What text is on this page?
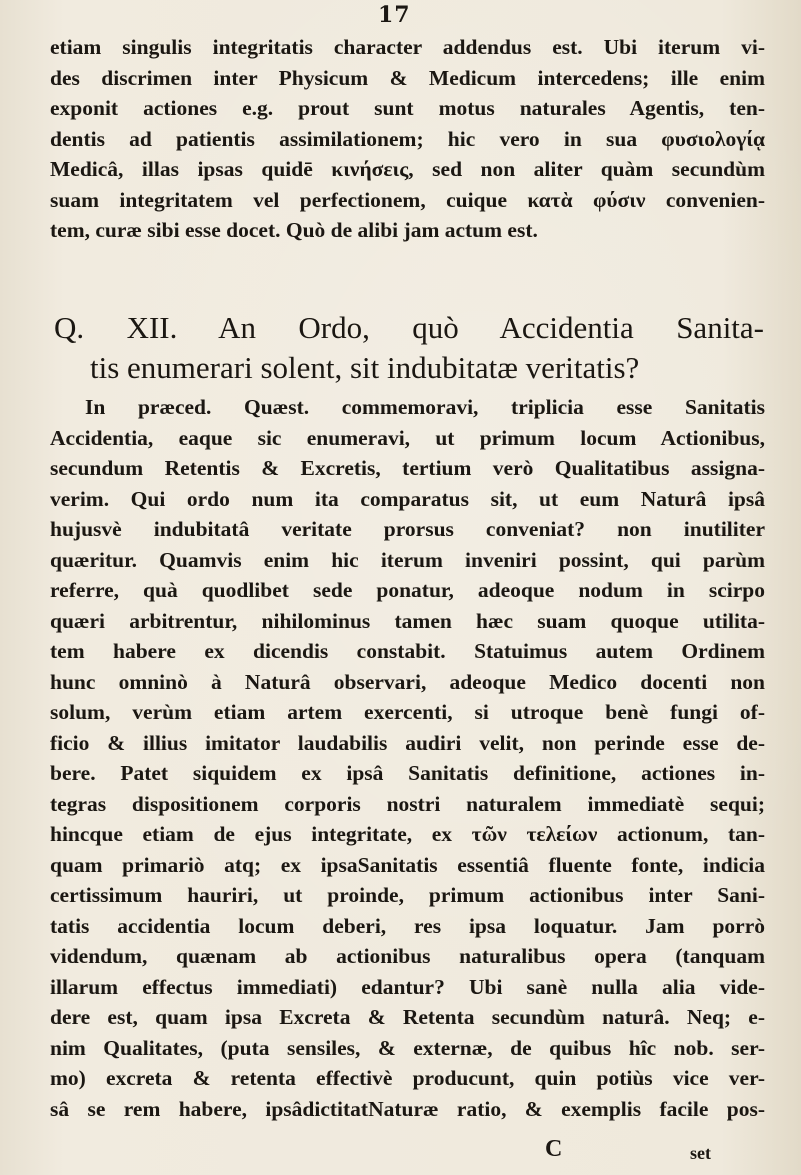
17
etiam singulis integritatis character addendus est. Ubi iterum vi-
des discrimen inter Physicum & Medicum intercedens; ille enim
exponit actiones e.g. prout sunt motus naturales Agentis, ten-
dentis ad patientis assimilationem; hic vero in sua φυσιολογίᾳ
Medicâ, illas ipsas quidē κινήσεις, sed non aliter quàm secundùm
suam integritatem vel perfectionem, cuique κατὰ φύσιν convenien-
tem, curæ sibi esse docet. Quò de alibi jam actum est.
Q. XII. An Ordo, quò Accidentia Sanita-
tis enumerari solent, sit indubitatæ veritatis?
In præced. Quæst. commemoravi, triplicia esse Sanitatis
Accidentia, eaque sic enumeravi, ut primum locum Actionibus,
secundum Retentis & Excretis, tertium verò Qualitatibus assigna-
verim. Qui ordo num ita comparatus sit, ut eum Naturâ ipsâ
hujusvè indubitatâ veritate prorsus conveniat? non inutiliter
quæritur. Quamvis enim hic iterum inveniri possint, qui parùm
referre, quà quodlibet sede ponatur, adeoque nodum in scirpo
quæri arbitrentur, nihilominus tamen hæc suam quoque utilita-
tem habere ex dicendis constabit. Statuimus autem Ordinem
hunc omninò à Naturâ observari, adeoque Medico docenti non
solum, verùm etiam artem exercenti, si utroque benè fungi of-
ficio & illius imitator laudabilis audiri velit, non perinde esse de-
bere. Patet siquidem ex ipsâ Sanitatis definitione, actiones in-
tegras dispositionem corporis nostri naturalem immediatè sequi;
hincque etiam de ejus integritate, ex τῶν τελείων actionum, tan-
quam primariò atq; ex ipsaSanitatis essentiâ fluente fonte, indicia
certissimum hauriri, ut proinde, primum actionibus inter Sani-
tatis accidentia locum deberi, res ipsa loquatur. Jam porrò
videndum, quænam ab actionibus naturalibus opera (tanquam
illarum effectus immediati) edantur? Ubi sanè nulla alia vide-
dere est, quam ipsa Excreta & Retenta secundùm naturâ. Neq; e-
nim Qualitates, (puta sensiles, & externæ, de quibus hîc nob. ser-
mo) excreta & retenta effectivè producunt, quin potiùs vice ver-
sâ se rem habere, ipsâdictitatNaturæ ratio, & exemplis facile pos-
C	set
